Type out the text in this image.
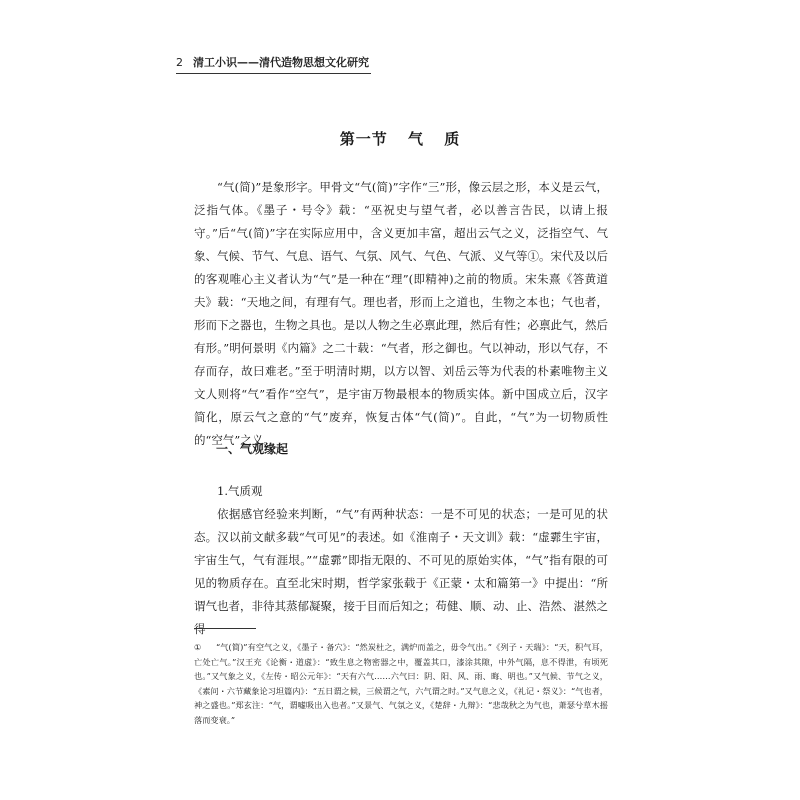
2 清工小识——清代造物思想文化研究
第一节 气 质

“气(简)”是象形字。甲骨文“气(简)”字作“三”形，像云层之形，本义是云气，泛指气体。《墨子・号令》载：“巫祝史与望气者，必以善言告民，以请上报守。”后“气(简)”字在实际应用中，含义更加丰富，超出云气之义，泛指空气、气象、气候、节气、气息、语气、气氛、风气、气色、气派、义气等①。宋代及以后的客观唯心主义者认为“气”是一种在“理”(即精神)之前的物质。宋朱熹《答黄道夫》载：“天地之间，有理有气。理也者，形而上之道也，生物之本也；气也者，形而下之器也，生物之具也。是以人物之生必禀此理，然后有性；必禀此气，然后有形。”明何景明《内篇》之二十载：“气者，形之御也。气以神动，形以气存，不存而存，故曰难老。”至于明清时期，以方以智、刘岳云等为代表的朴素唯物主义文人则将“气”看作“空气”，是宇宙万物最根本的物质实体。新中国成立后，汉字简化，原云气之意的“气”废弃，恢复古体“气(简)”。自此，“气”为一切物质性的“空气”之义。

一、气观缘起

1.气质观

依据感官经验来判断，“气”有两种状态：一是不可见的状态；一是可见的状态。汉以前文献多载“气可见”的表述。如《淮南子・天文训》载：“虚霩生宇宙，宇宙生气，气有涯垠。”“虚霩”即指无限的、不可见的原始实体，“气”指有限的可见的物质存在。直至北宋时期，哲学家张载于《正蒙・太和篇第一》中提出：“所谓气也者，非待其蒸郁凝聚，接于目而后知之；苟健、顺、动、止、浩然、湛然之得

① “气(简)”有空气之义，《墨子・备穴》：“然炭杜之，满炉而盖之，毋令气出。”《列子・天瑞》：“天，积气耳，亡处亡气。”汉王充《论衡・道虚》：“致生息之物密器之中，覆盖其口，漆涂其隙，中外气隔，息不得泄，有顷死也。”又气象之义，《左传・昭公元年》：“天有六气……六气曰：阴、阳、风、雨、晦、明也。”又气候、节气之义，《素问・六节藏象论习坦篇内》：“五日谓之候，三候谓之气，六气谓之时。”又气息之义，《礼记・祭义》：“气也者，神之盛也。”郑玄注：“气，谓嘘吸出入也者。”又景气、气氛之义，《楚辞・九辩》：“悲哉秋之为气也，萧瑟兮草木摇落而变衰。”
